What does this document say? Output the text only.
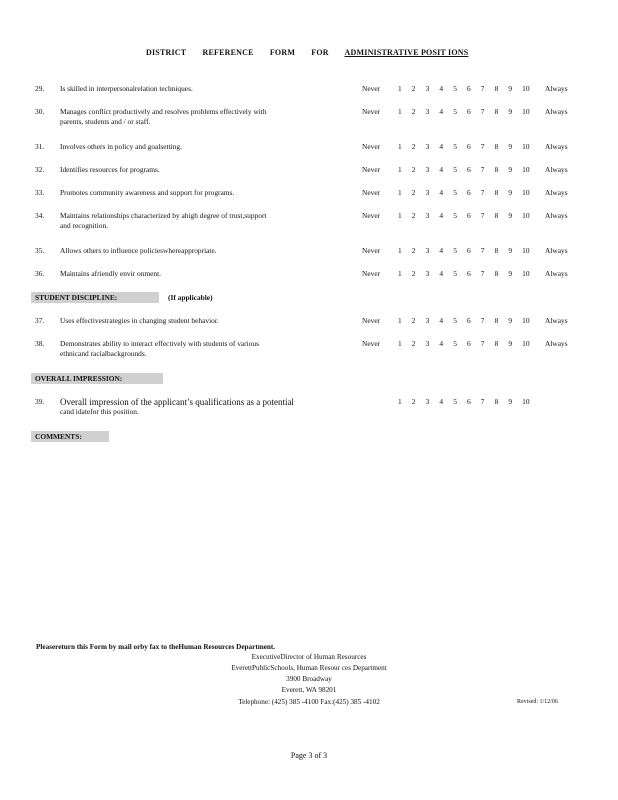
DISTRICT REFERENCE FORM FOR ADMINISTRATIVE POSIT IONS
29. Is skilled in interpersonalrelation techniques.	Never 1	2	3	4	5	6	7	8	9	10	Always
30. Manages conflict productively and resolves problems effectively with
parents, students and / or staff.
Never 1	2	3	4	5	6	7	8	9	10	Always
31. Involves others in policy and goalsetting.	Never 1	2	3	4	5	6	7	8	9	10	Always
32. Identifies resources for programs.	Never 1	2	3	4	5	6	7	8	9	10	Always
33. Promotes community awareness and support for programs.	Never 1	2	3	4	5	6	7	8	9	10	Always
34. Maintains relationships characterized by ahigh degree of trust,support
and recognition.
Never 1	2	3	4	5	6	7	8	9	10	Always
35. Allows others to influence policieswhereappropriate.	Never 1	2	3	4	5	6	7	8	9	10	Always
36. Maintains afriendly envir onment.	Never 1	2	3	4	5	6	7	8	9	10	Always
37. Uses effectivestrategies in changing student behavior.	Never 1	2	3	4	5	6	7	8	9	10	Always
38. Demonstrates ability to interact effectively with students of various
ethnicand racialbackgrounds.
Never 1	2	3	4	5	6	7	8	9	10	Always
STUDENT DISCIPLINE:	(If applicable)
OVERALL IMPRESSION:
39. Overall impression of the applicant’s qualifications as a potential
cand idatefor this position.
1	2	3	4	5	6	7	8	9	10
COMMENTS:
Pleasereturn this Form by mail orby fax to theHuman Resources Department.
ExecutiveDirector of Human Resources
EverettPublicSchools, Human Resour ces Department
3900 Broadway
Everett, WA 98201
Telephone: (425) 385 -4100 Fax:(425) 385 -4102	Revised: 1/12/06
Page 3 of 3
